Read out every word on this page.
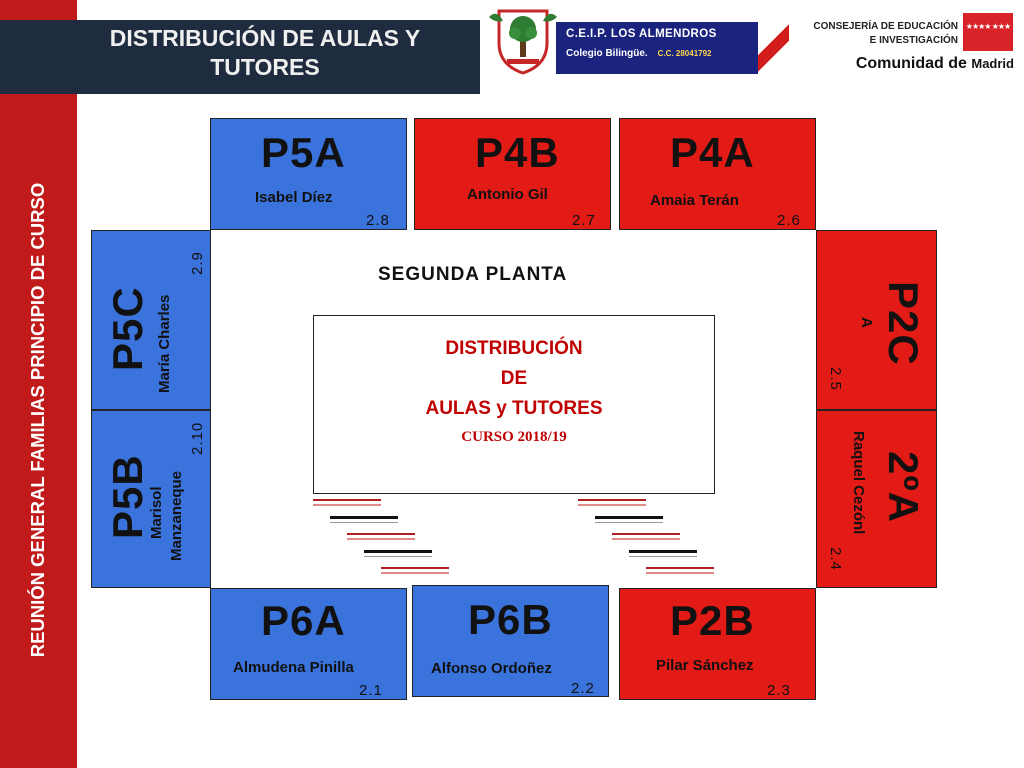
REUNIÓN GENERAL FAMILIAS PRINCIPIO DE CURSO
DISTRIBUCIÓN DE AULAS Y
TUTORES
C.E.I.P. LOS ALMENDROS
Colegio Bilingüe. C.C. 28041792
CONSEJERÍA DE EDUCACIÓN
E INVESTIGACIÓN
★★★★ ★★★
Comunidad de Madrid
P5A
Isabel Díez
2.8
P4B
Antonio Gil
2.7
P4A
Amaia Terán
2.6
P5C María Charles
2.9
P5B
Marisol Manzaneque
2.10
P2C
A
2.5
2ºA
Raquel Cezónl
2.4
P6A
Almudena Pinilla
2.1
P6B
Alfonso Ordoñez
2.2
P2B
Pilar Sánchez
2.3
SEGUNDA PLANTA
DISTRIBUCIÓN
DE
AULAS y TUTORES
CURSO 2018/19
